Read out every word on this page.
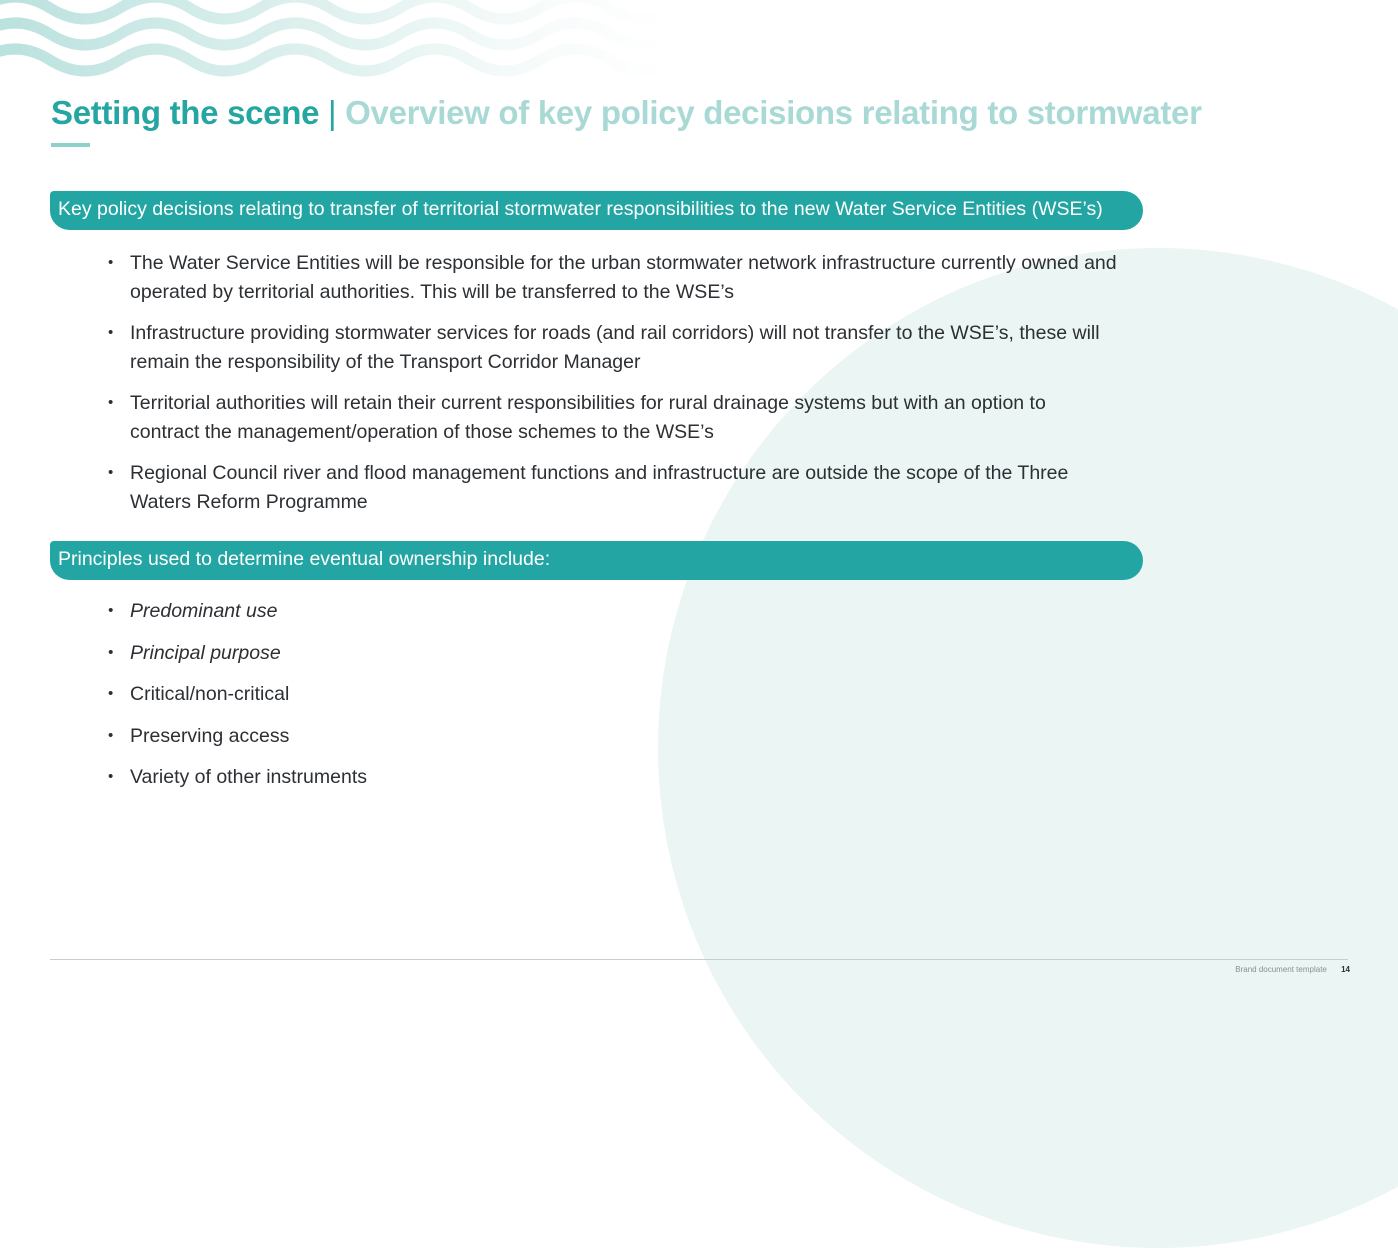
Setting the scene | Overview of key policy decisions relating to stormwater
Key policy decisions relating to transfer of territorial stormwater responsibilities to the new Water Service Entities (WSE’s)
• The Water Service Entities will be responsible for the urban stormwater network infrastructure currently owned and operated by territorial authorities. This will be transferred to the WSE’s
• Infrastructure providing stormwater services for roads (and rail corridors) will not transfer to the WSE’s, these will remain the responsibility of the Transport Corridor Manager
• Territorial authorities will retain their current responsibilities for rural drainage systems but with an option to contract the management/operation of those schemes to the WSE’s
• Regional Council river and flood management functions and infrastructure are outside the scope of the Three Waters Reform Programme
Principles used to determine eventual ownership include:
• Predominant use
• Principal purpose
• Critical/non-critical
• Preserving access
• Variety of other instruments
Brand document template 14
